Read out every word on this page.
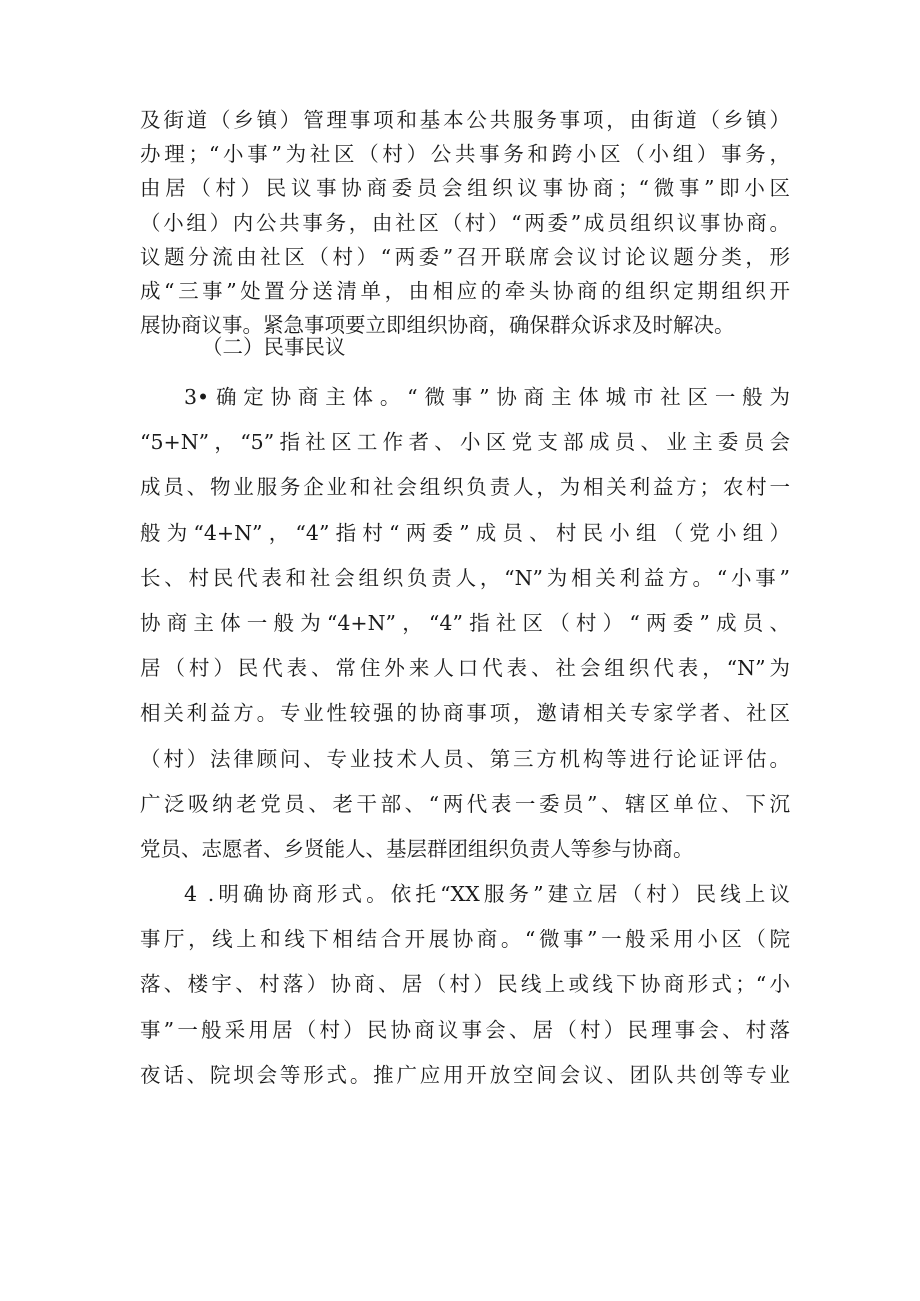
及街道（乡镇）管理事项和基本公共服务事项，由街道（乡镇）
办理；“小事”为社区（村）公共事务和跨小区（小组）事务，
由居（村）民议事协商委员会组织议事协商；“微事”即小区
（小组）内公共事务，由社区（村）“两委”成员组织议事协商。
议题分流由社区（村）“两委”召开联席会议讨论议题分类，形
成“三事”处置分送清单，由相应的牵头协商的组织定期组织开
展协商议事。紧急事项要立即组织协商，确保群众诉求及时解决。
（二）民事民议
3•确定协商主体。“微事”协商主体城市社区一般为
“5+N”，“5”指社区工作者、小区党支部成员、业主委员会
成员、物业服务企业和社会组织负责人，为相关利益方；农村一
般为“4+N”，“4”指村“两委”成员、村民小组（党小组）
长、村民代表和社会组织负责人，“N”为相关利益方。“小事”
协商主体一般为“4+N”，“4”指社区（村）“两委”成员、
居（村）民代表、常住外来人口代表、社会组织代表，“N”为
相关利益方。专业性较强的协商事项，邀请相关专家学者、社区
（村）法律顾问、专业技术人员、第三方机构等进行论证评估。
广泛吸纳老党员、老干部、“两代表一委员”、辖区单位、下沉
党员、志愿者、乡贤能人、基层群团组织负责人等参与协商。
4 .明确协商形式。依托“XX服务”建立居（村）民线上议
事厅，线上和线下相结合开展协商。“微事”一般采用小区（院
落、楼宇、村落）协商、居（村）民线上或线下协商形式；“小
事”一般采用居（村）民协商议事会、居（村）民理事会、村落
夜话、院坝会等形式。推广应用开放空间会议、团队共创等专业
